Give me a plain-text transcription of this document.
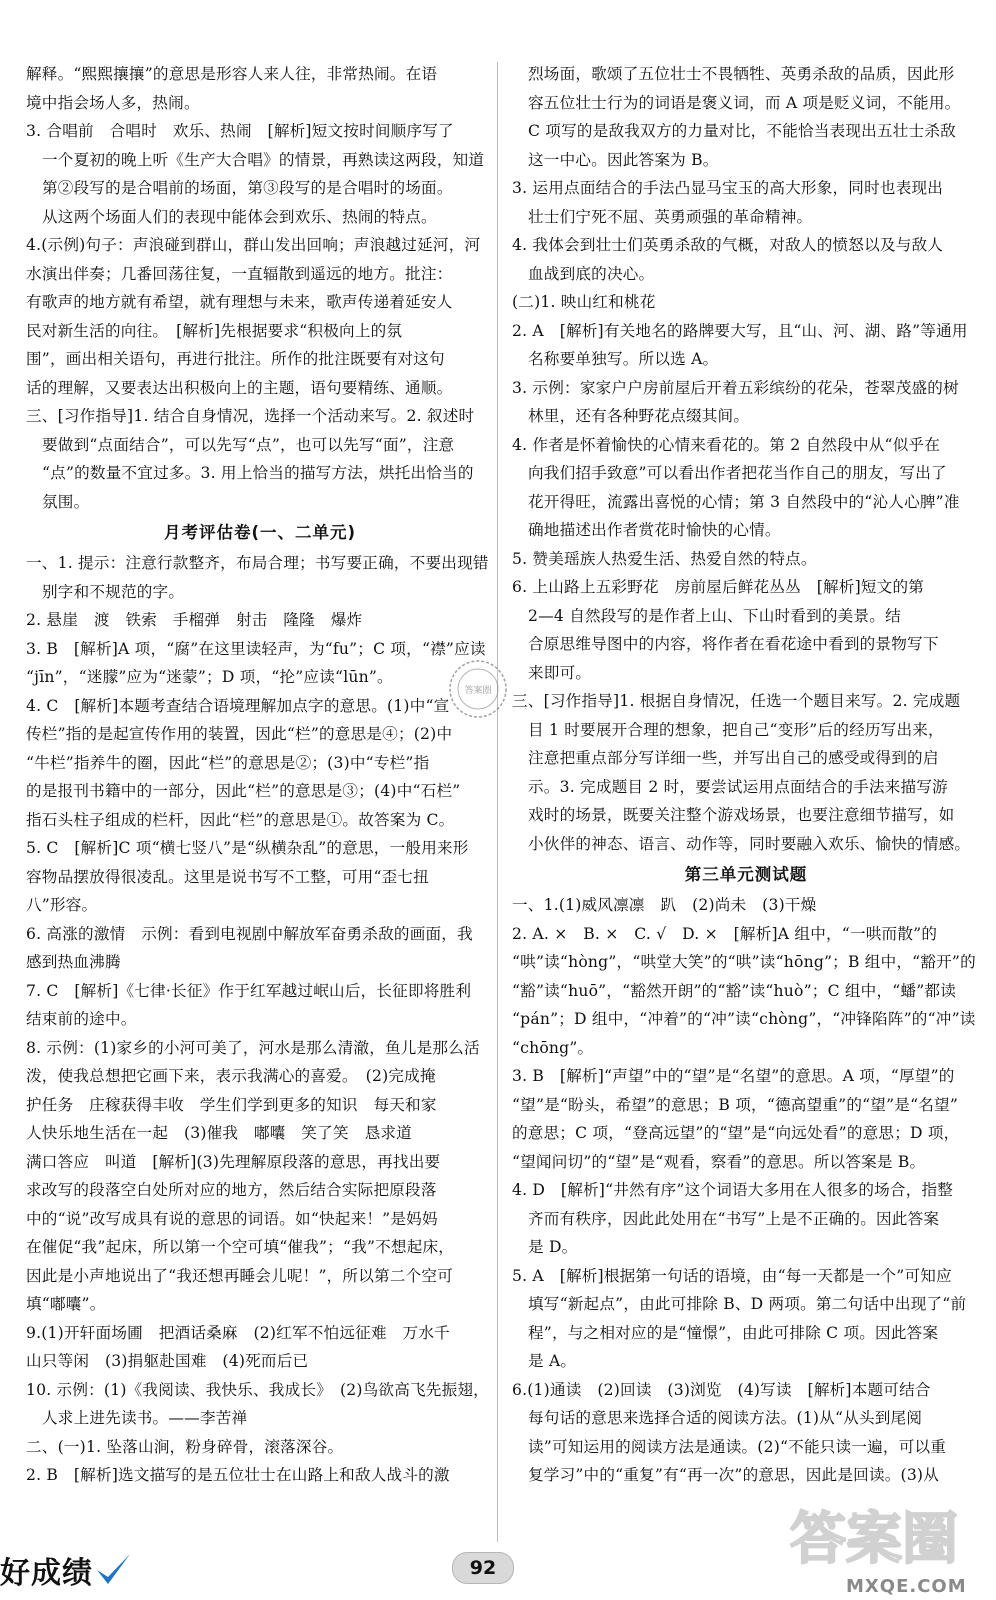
解释。“熙熙攘攘”的意思是形容人来人往，非常热闹。在语
境中指会场人多，热闹。
3. 合唱前　合唱时　欢乐、热闹　[解析]短文按时间顺序写了
一个夏初的晚上听《生产大合唱》的情景，再熟读这两段，知道
第②段写的是合唱前的场面，第③段写的是合唱时的场面。
从这两个场面人们的表现中能体会到欢乐、热闹的特点。
4.(示例)句子：声浪碰到群山，群山发出回响；声浪越过延河，河
水演出伴奏；几番回荡往复，一直辐散到遥远的地方。批注：
有歌声的地方就有希望，就有理想与未来，歌声传递着延安人
民对新生活的向往。　[解析]先根据要求“积极向上的氛
围”，画出相关语句，再进行批注。所作的批注既要有对这句
话的理解，又要表达出积极向上的主题，语句要精练、通顺。
三、[习作指导]1. 结合自身情况，选择一个活动来写。2. 叙述时
要做到“点面结合”，可以先写“点”，也可以先写“面”，注意
“点”的数量不宜过多。3. 用上恰当的描写方法，烘托出恰当的
氛围。
月考评估卷(一、二单元)
一、1. 提示：注意行款整齐，布局合理；书写要正确，不要出现错
别字和不规范的字。
2. 悬崖　渡　铁索　手榴弹　射击　隆隆　爆炸
3. B　[解析]A 项，“腐”在这里读轻声，为“fu”；C 项，“襟”应读
“jīn”，“迷朦”应为“迷蒙”；D 项，“抡”应读“lūn”。
4. C　[解析]本题考查结合语境理解加点字的意思。(1)中“宣
传栏”指的是起宣传作用的装置，因此“栏”的意思是④；(2)中
“牛栏”指养牛的圈，因此“栏”的意思是②；(3)中“专栏”指
的是报刊书籍中的一部分，因此“栏”的意思是③；(4)中“石栏”
指石头柱子组成的栏杆，因此“栏”的意思是①。故答案为 C。
5. C　[解析]C 项“横七竖八”是“纵横杂乱”的意思，一般用来形
容物品摆放得很凌乱。这里是说书写不工整，可用“歪七扭
八”形容。
6. 高涨的激情　示例：看到电视剧中解放军奋勇杀敌的画面，我
感到热血沸腾
7. C　[解析]《七律·长征》作于红军越过岷山后，长征即将胜利
结束前的途中。
8. 示例：(1)家乡的小河可美了，河水是那么清澈，鱼儿是那么活
泼，使我总想把它画下来，表示我满心的喜爱。　(2)完成掩
护任务　庄稼获得丰收　学生们学到更多的知识　每天和家
人快乐地生活在一起　(3)催我　嘟囔　笑了笑　恳求道
满口答应　叫道　[解析](3)先理解原段落的意思，再找出要
求改写的段落空白处所对应的地方，然后结合实际把原段落
中的“说”改写成具有说的意思的词语。如“快起来！”是妈妈
在催促“我”起床，所以第一个空可填“催我”；“我”不想起床，
因此是小声地说出了“我还想再睡会儿呢！”，所以第二个空可
填“嘟囔”。
9.(1)开轩面场圃　把酒话桑麻　(2)红军不怕远征难　万水千
山只等闲　(3)捐躯赴国难　(4)死而后已
10. 示例：(1)《我阅读、我快乐、我成长》　(2)鸟欲高飞先振翅，
人求上进先读书。——李苦禅
二、(一)1. 坠落山涧，粉身碎骨，滚落深谷。
2. B　[解析]选文描写的是五位壮士在山路上和敌人战斗的激
烈场面，歌颂了五位壮士不畏牺牲、英勇杀敌的品质，因此形
容五位壮士行为的词语是褒义词，而 A 项是贬义词，不能用。
C 项写的是敌我双方的力量对比，不能恰当表现出五壮士杀敌
这一中心。因此答案为 B。
3. 运用点面结合的手法凸显马宝玉的高大形象，同时也表现出
壮士们宁死不屈、英勇顽强的革命精神。
4. 我体会到壮士们英勇杀敌的气概，对敌人的愤怒以及与敌人
血战到底的决心。
(二)1. 映山红和桃花
2. A　[解析]有关地名的路牌要大写，且“山、河、湖、路”等通用
名称要单独写。所以选 A。
3. 示例：家家户户房前屋后开着五彩缤纷的花朵，苍翠茂盛的树
林里，还有各种野花点缀其间。
4. 作者是怀着愉快的心情来看花的。第 2 自然段中从“似乎在
向我们招手致意”可以看出作者把花当作自己的朋友，写出了
花开得旺，流露出喜悦的心情；第 3 自然段中的“沁人心脾”准
确地描述出作者赏花时愉快的心情。
5. 赞美瑶族人热爱生活、热爱自然的特点。
6. 上山路上五彩野花　房前屋后鲜花丛丛　[解析]短文的第
2—4 自然段写的是作者上山、下山时看到的美景。结
合原思维导图中的内容，将作者在看花途中看到的景物写下
来即可。
三、[习作指导]1. 根据自身情况，任选一个题目来写。2. 完成题
目 1 时要展开合理的想象，把自己“变形”后的经历写出来，
注意把重点部分写详细一些，并写出自己的感受或得到的启
示。3. 完成题目 2 时，要尝试运用点面结合的手法来描写游
戏时的场景，既要关注整个游戏场景，也要注意细节描写，如
小伙伴的神态、语言、动作等，同时要融入欢乐、愉快的情感。
第三单元测试题
一、1.(1)威风凛凛　趴　(2)尚未　(3)干燥
2. A. ×　B. ×　C. √　D. ×　[解析]A 组中，“一哄而散”的
“哄”读“hòng”，“哄堂大笑”的“哄”读“hōng”；B 组中，“豁开”的
“豁”读“huō”，“豁然开朗”的“豁”读“huò”；C 组中，“蟠”都读
“pán”；D 组中，“冲着”的“冲”读“chòng”，“冲锋陷阵”的“冲”读
“chōng”。
3. B　[解析]“声望”中的“望”是“名望”的意思。A 项，“厚望”的
“望”是“盼头，希望”的意思；B 项，“德高望重”的“望”是“名望”
的意思；C 项，“登高远望”的“望”是“向远处看”的意思；D 项，
“望闻问切”的“望”是“观看，察看”的意思。所以答案是 B。
4. D　[解析]“井然有序”这个词语大多用在人很多的场合，指整
齐而有秩序，因此此处用在“书写”上是不正确的。因此答案
是 D。
5. A　[解析]根据第一句话的语境，由“每一天都是一个”可知应
填写“新起点”，由此可排除 B、D 两项。第二句话中出现了“前
程”，与之相对应的是“憧憬”，由此可排除 C 项。因此答案
是 A。
6.(1)通读　(2)回读　(3)浏览　(4)写读　[解析]本题可结合
每句话的意思来选择合适的阅读方法。(1)从“从头到尾阅
读”可知运用的阅读方法是通读。(2)“不能只读一遍，可以重
复学习”中的“重复”有“再一次”的意思，因此是回读。(3)从
答案圈
好成绩	92	答案圈
MXQE.COM
